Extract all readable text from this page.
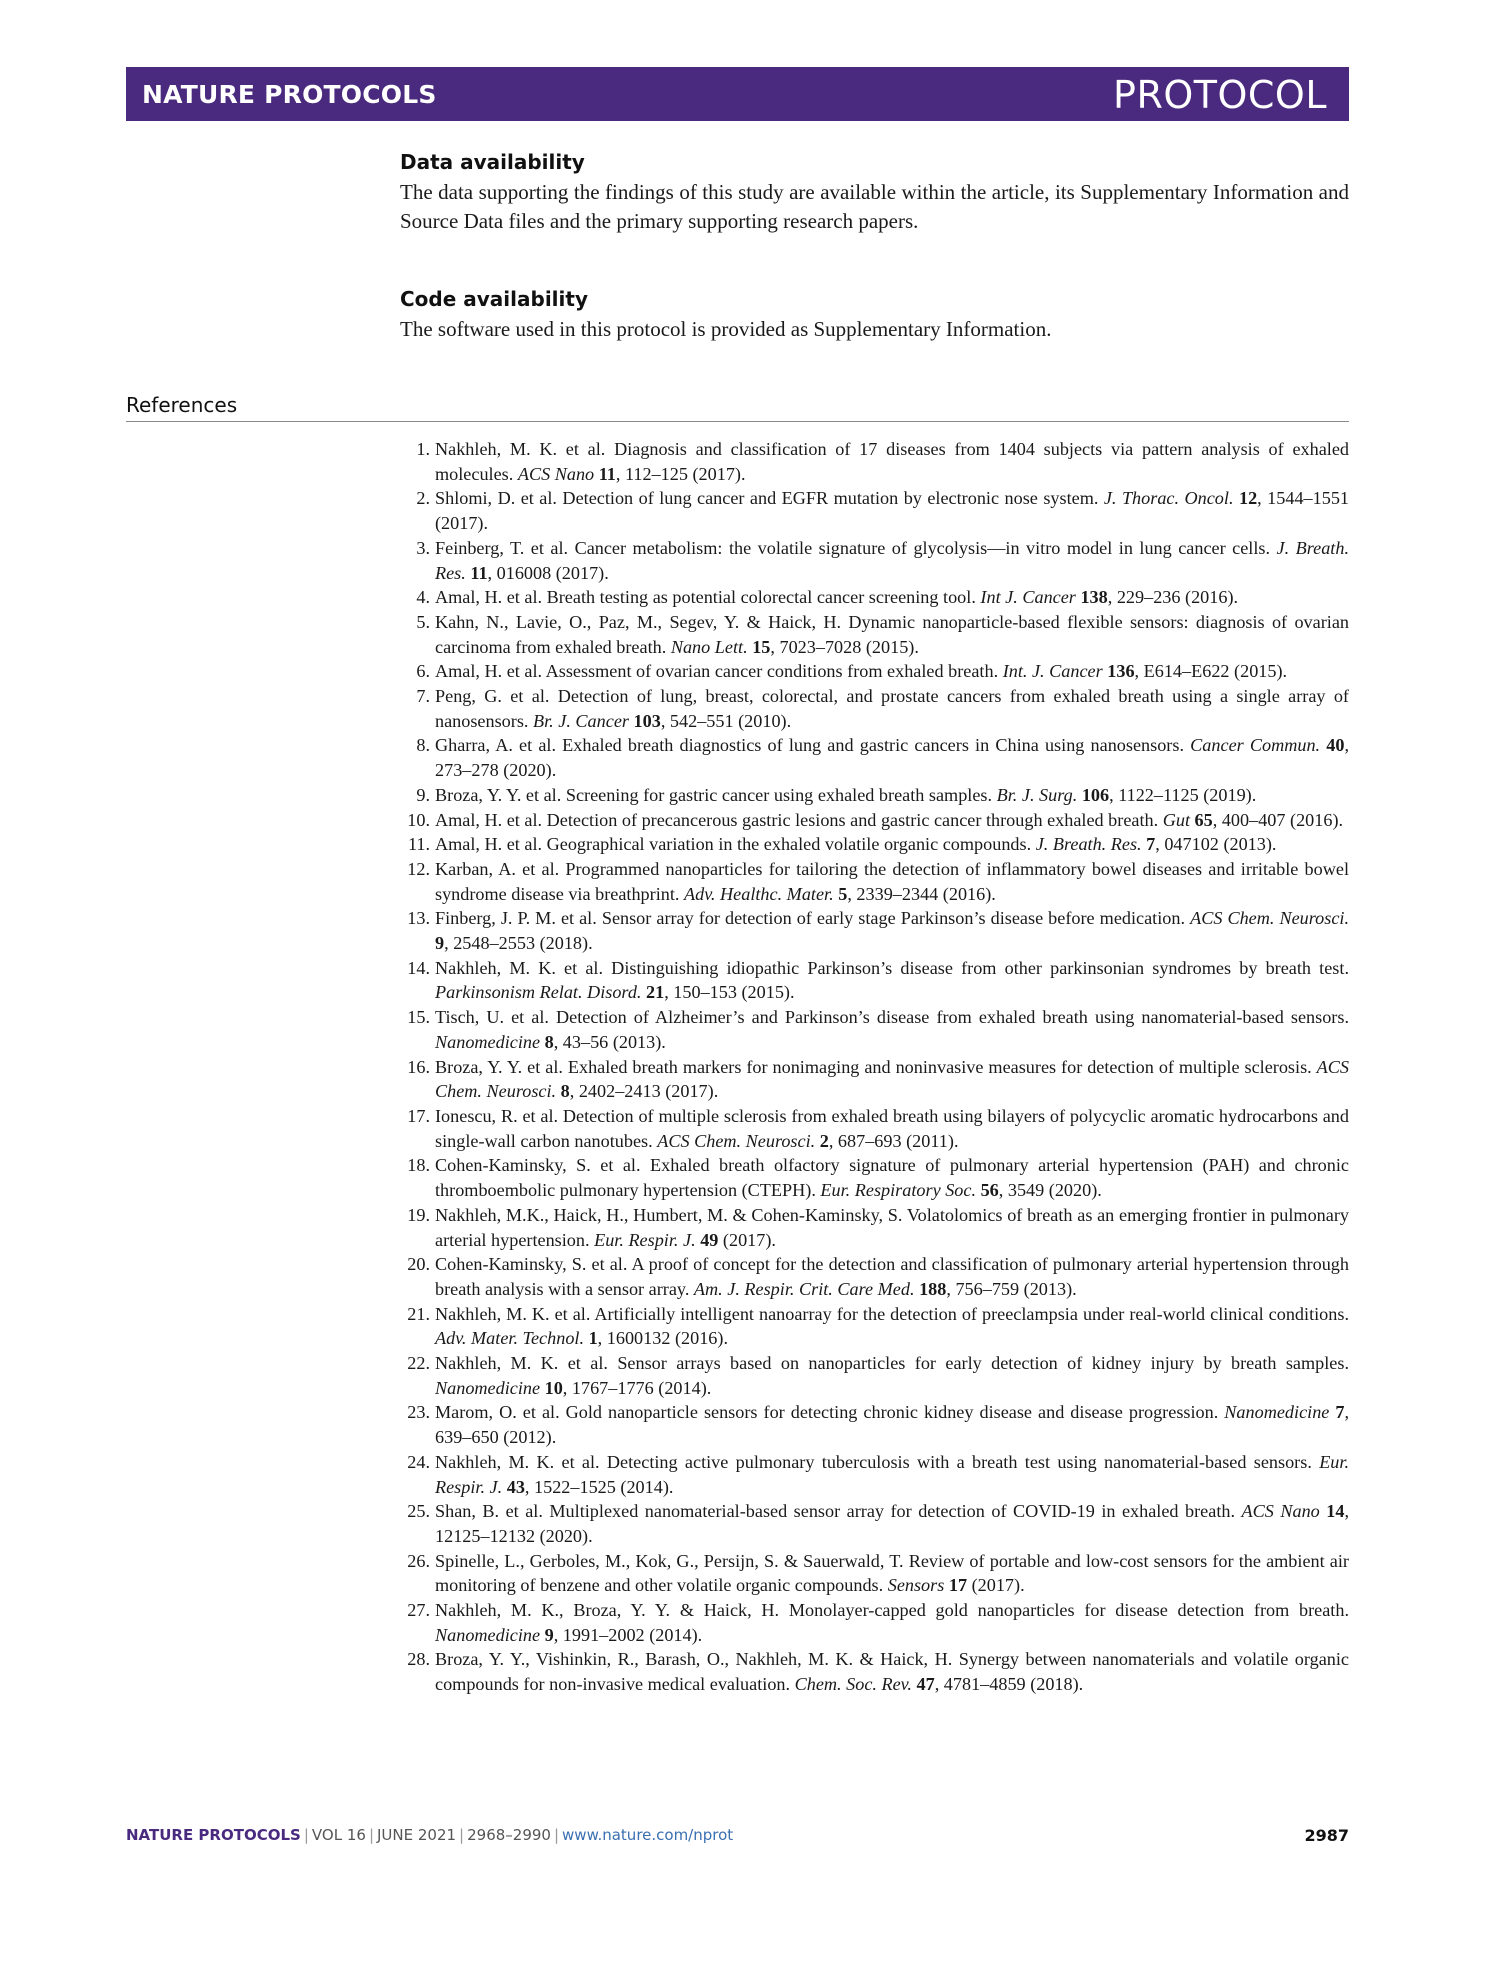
NATURE PROTOCOLS	PROTOCOL
Data availability

The data supporting the findings of this study are available within the article, its Supplementary Information and Source Data files and the primary supporting research papers.

Code availability

The software used in this protocol is provided as Supplementary Information.

References
1. Nakhleh, M. K. et al. Diagnosis and classification of 17 diseases from 1404 subjects via pattern analysis of exhaled molecules. ACS Nano 11, 112–125 (2017).
2. Shlomi, D. et al. Detection of lung cancer and EGFR mutation by electronic nose system. J. Thorac. Oncol. 12, 1544–1551 (2017).
3. Feinberg, T. et al. Cancer metabolism: the volatile signature of glycolysis—in vitro model in lung cancer cells. J. Breath. Res. 11, 016008 (2017).
4. Amal, H. et al. Breath testing as potential colorectal cancer screening tool. Int J. Cancer 138, 229–236 (2016).
5. Kahn, N., Lavie, O., Paz, M., Segev, Y. & Haick, H. Dynamic nanoparticle-based flexible sensors: diagnosis of ovarian carcinoma from exhaled breath. Nano Lett. 15, 7023–7028 (2015).
6. Amal, H. et al. Assessment of ovarian cancer conditions from exhaled breath. Int. J. Cancer 136, E614–E622 (2015).
7. Peng, G. et al. Detection of lung, breast, colorectal, and prostate cancers from exhaled breath using a single array of nanosensors. Br. J. Cancer 103, 542–551 (2010).
8. Gharra, A. et al. Exhaled breath diagnostics of lung and gastric cancers in China using nanosensors. Cancer Commun. 40, 273–278 (2020).
9. Broza, Y. Y. et al. Screening for gastric cancer using exhaled breath samples. Br. J. Surg. 106, 1122–1125 (2019).
10. Amal, H. et al. Detection of precancerous gastric lesions and gastric cancer through exhaled breath. Gut 65, 400–407 (2016).
11. Amal, H. et al. Geographical variation in the exhaled volatile organic compounds. J. Breath. Res. 7, 047102 (2013).
12. Karban, A. et al. Programmed nanoparticles for tailoring the detection of inflammatory bowel diseases and irritable bowel syndrome disease via breathprint. Adv. Healthc. Mater. 5, 2339–2344 (2016).
13. Finberg, J. P. M. et al. Sensor array for detection of early stage Parkinson’s disease before medication. ACS Chem. Neurosci. 9, 2548–2553 (2018).
14. Nakhleh, M. K. et al. Distinguishing idiopathic Parkinson’s disease from other parkinsonian syndromes by breath test. Parkinsonism Relat. Disord. 21, 150–153 (2015).
15. Tisch, U. et al. Detection of Alzheimer’s and Parkinson’s disease from exhaled breath using nanomaterial-based sensors. Nanomedicine 8, 43–56 (2013).
16. Broza, Y. Y. et al. Exhaled breath markers for nonimaging and noninvasive measures for detection of multiple sclerosis. ACS Chem. Neurosci. 8, 2402–2413 (2017).
17. Ionescu, R. et al. Detection of multiple sclerosis from exhaled breath using bilayers of polycyclic aromatic hydrocarbons and single-wall carbon nanotubes. ACS Chem. Neurosci. 2, 687–693 (2011).
18. Cohen-Kaminsky, S. et al. Exhaled breath olfactory signature of pulmonary arterial hypertension (PAH) and chronic thromboembolic pulmonary hypertension (CTEPH). Eur. Respiratory Soc. 56, 3549 (2020).
19. Nakhleh, M.K., Haick, H., Humbert, M. & Cohen-Kaminsky, S. Volatolomics of breath as an emerging frontier in pulmonary arterial hypertension. Eur. Respir. J. 49 (2017).
20. Cohen-Kaminsky, S. et al. A proof of concept for the detection and classification of pulmonary arterial hypertension through breath analysis with a sensor array. Am. J. Respir. Crit. Care Med. 188, 756–759 (2013).
21. Nakhleh, M. K. et al. Artificially intelligent nanoarray for the detection of preeclampsia under real-world clinical conditions. Adv. Mater. Technol. 1, 1600132 (2016).
22. Nakhleh, M. K. et al. Sensor arrays based on nanoparticles for early detection of kidney injury by breath samples. Nanomedicine 10, 1767–1776 (2014).
23. Marom, O. et al. Gold nanoparticle sensors for detecting chronic kidney disease and disease progression. Nanomedicine 7, 639–650 (2012).
24. Nakhleh, M. K. et al. Detecting active pulmonary tuberculosis with a breath test using nanomaterial-based sensors. Eur. Respir. J. 43, 1522–1525 (2014).
25. Shan, B. et al. Multiplexed nanomaterial-based sensor array for detection of COVID-19 in exhaled breath. ACS Nano 14, 12125–12132 (2020).
26. Spinelle, L., Gerboles, M., Kok, G., Persijn, S. & Sauerwald, T. Review of portable and low-cost sensors for the ambient air monitoring of benzene and other volatile organic compounds. Sensors 17 (2017).
27. Nakhleh, M. K., Broza, Y. Y. & Haick, H. Monolayer-capped gold nanoparticles for disease detection from breath. Nanomedicine 9, 1991–2002 (2014).
28. Broza, Y. Y., Vishinkin, R., Barash, O., Nakhleh, M. K. & Haick, H. Synergy between nanomaterials and volatile organic compounds for non-invasive medical evaluation. Chem. Soc. Rev. 47, 4781–4859 (2018).
NATURE PROTOCOLS | VOL 16 | JUNE 2021 | 2968–2990 | www.nature.com/nprot	2987
